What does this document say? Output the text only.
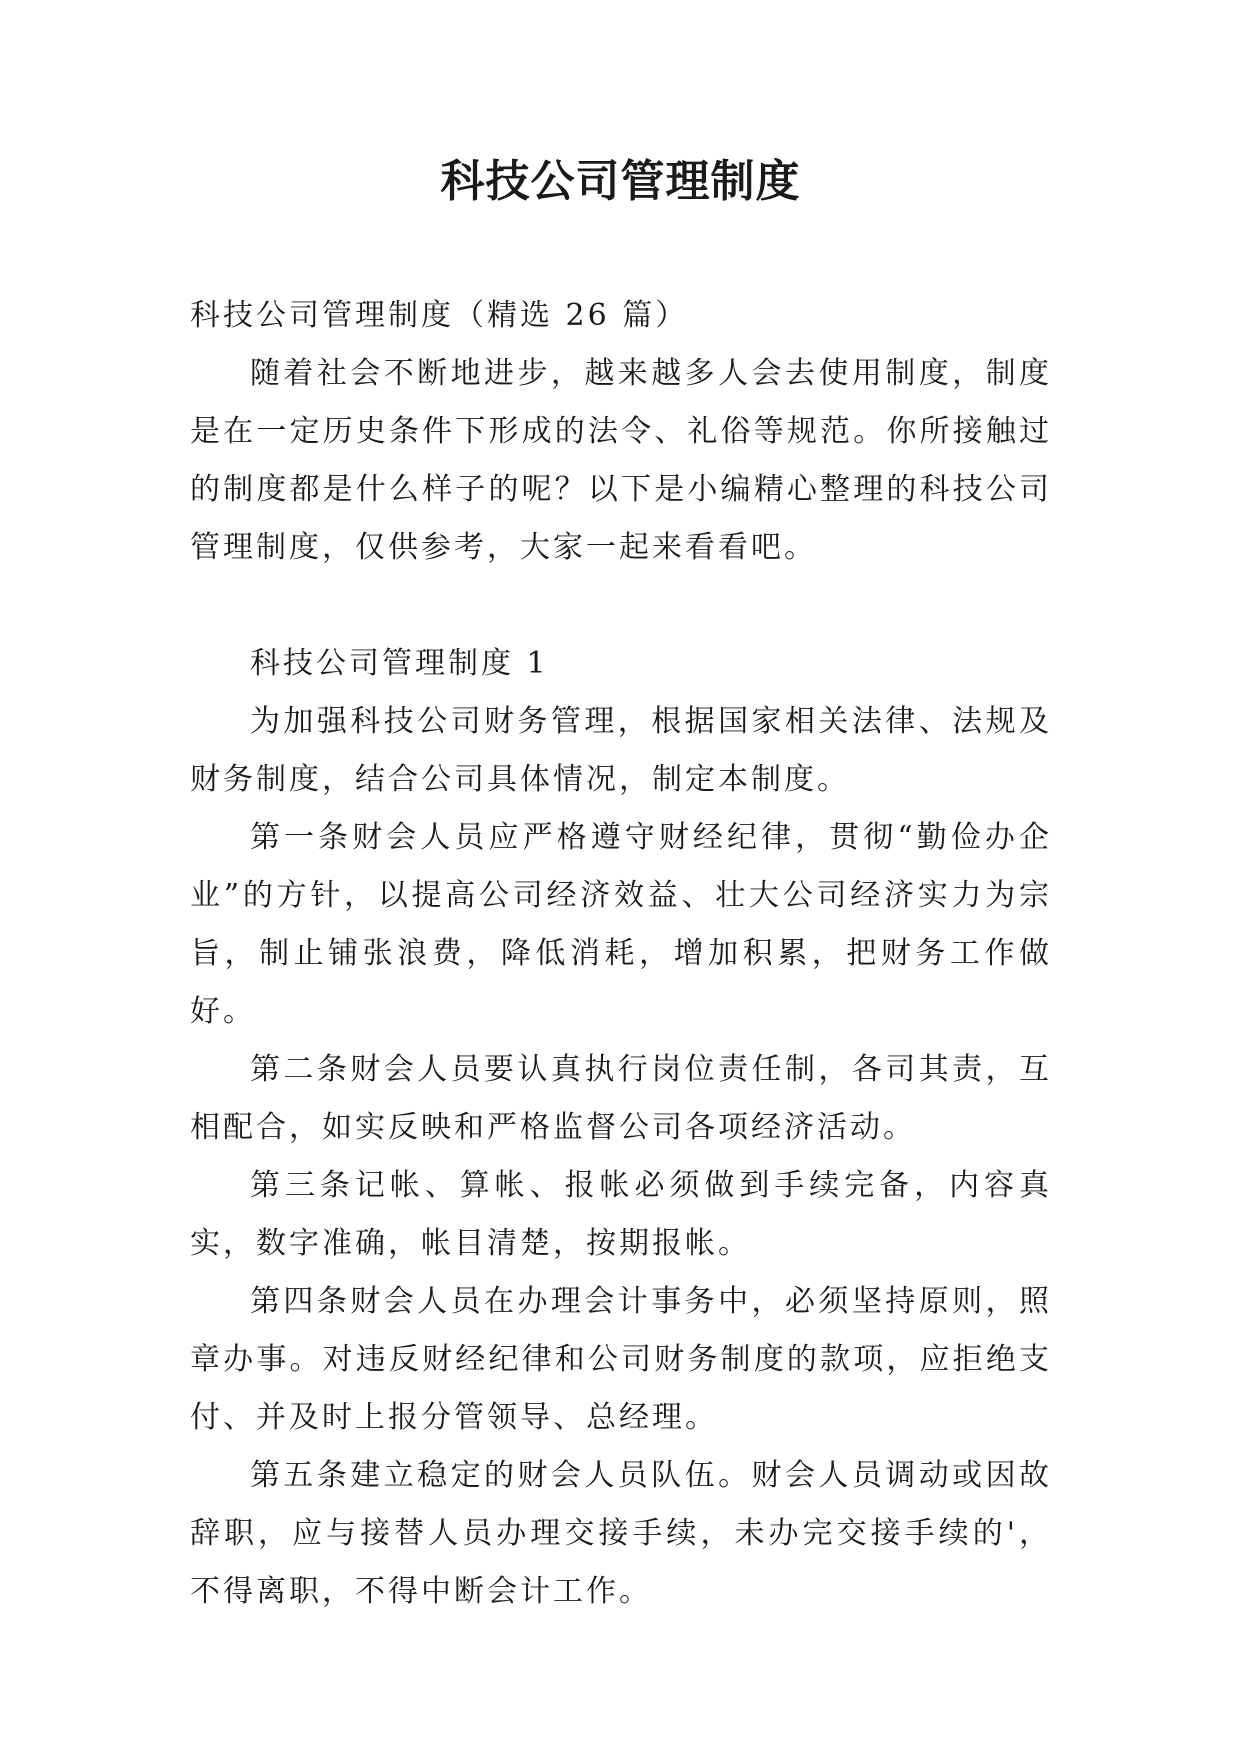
科技公司管理制度

科技公司管理制度（精选 26 篇）

随着社会不断地进步，越来越多人会去使用制度，制度是在一定历史条件下形成的法令、礼俗等规范。你所接触过的制度都是什么样子的呢？以下是小编精心整理的科技公司管理制度，仅供参考，大家一起来看看吧。

科技公司管理制度 1

为加强科技公司财务管理，根据国家相关法律、法规及财务制度，结合公司具体情况，制定本制度。

第一条财会人员应严格遵守财经纪律，贯彻“勤俭办企业”的方针，以提高公司经济效益、壮大公司经济实力为宗旨，制止铺张浪费，降低消耗，增加积累，把财务工作做好。

第二条财会人员要认真执行岗位责任制，各司其责，互相配合，如实反映和严格监督公司各项经济活动。

第三条记帐、算帐、报帐必须做到手续完备，内容真实，数字准确，帐目清楚，按期报帐。

第四条财会人员在办理会计事务中，必须坚持原则，照章办事。对违反财经纪律和公司财务制度的款项，应拒绝支付、并及时上报分管领导、总经理。

第五条建立稳定的财会人员队伍。财会人员调动或因故辞职，应与接替人员办理交接手续，未办完交接手续的'，不得离职，不得中断会计工作。
